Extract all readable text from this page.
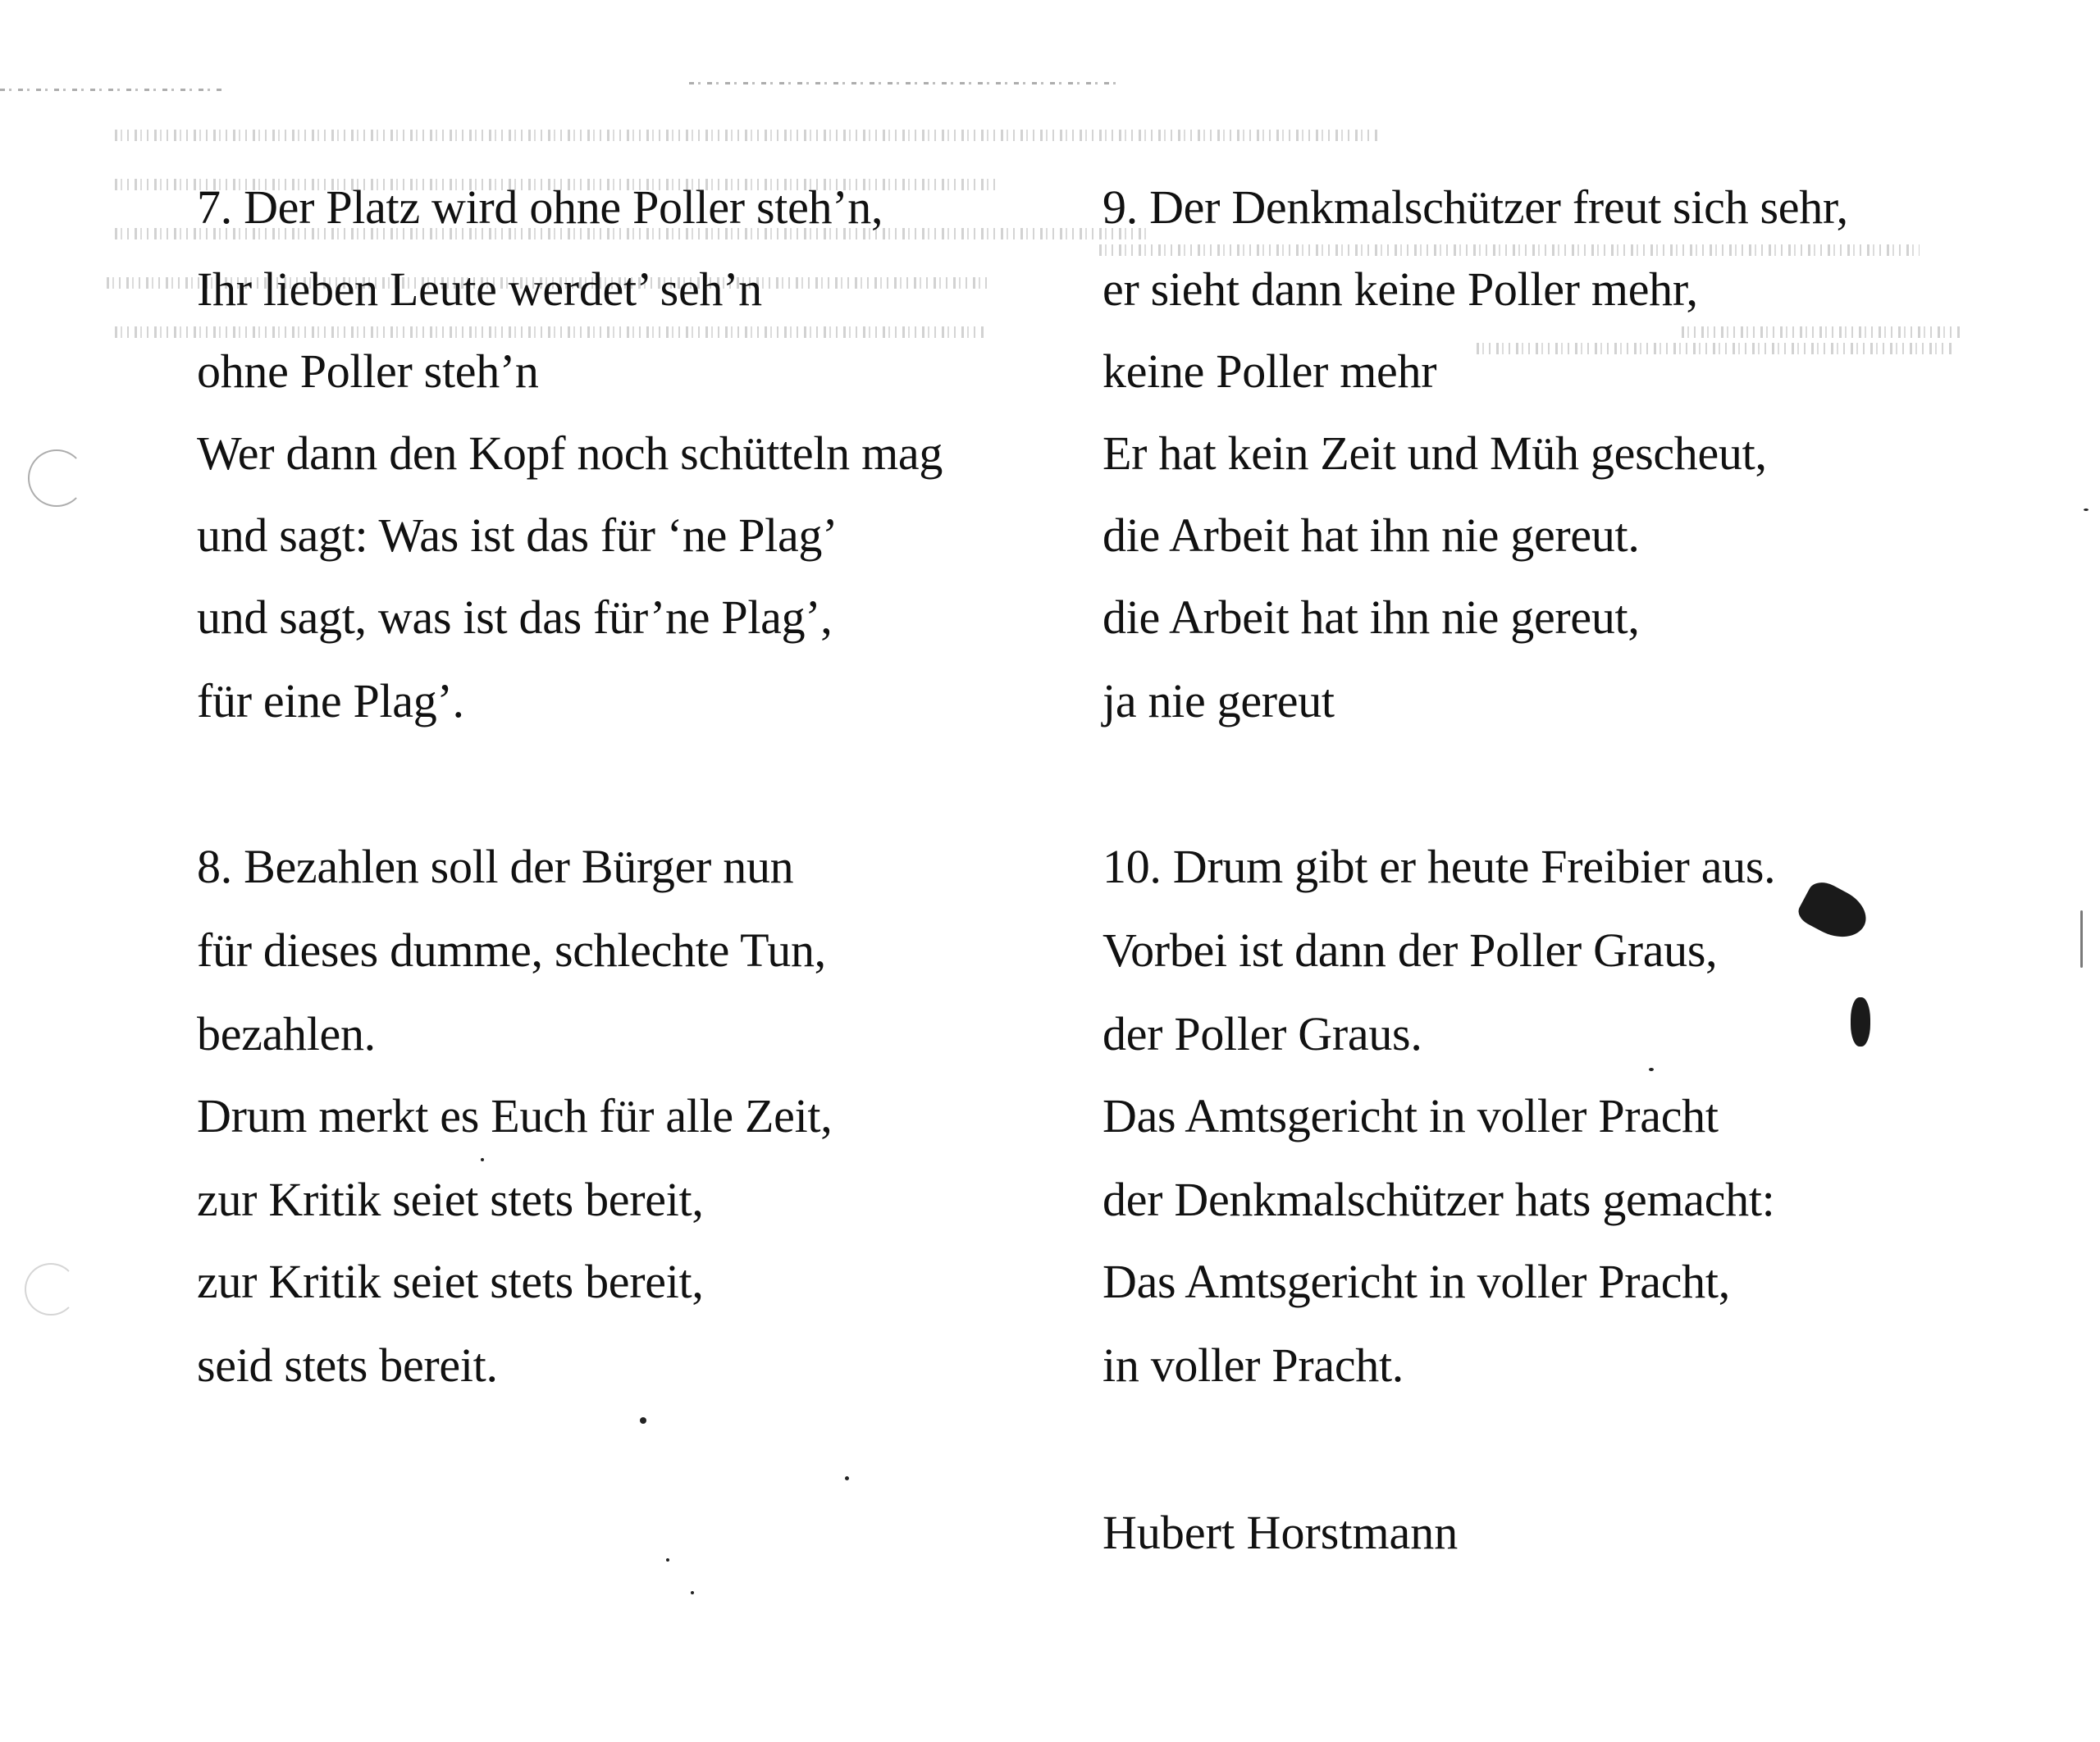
7. Der Platz wird ohne Poller steh’n,
Ihr lieben Leute werdet’ seh’n
ohne Poller steh’n
Wer dann den Kopf noch schütteln mag
und sagt: Was ist das für ‘ne Plag’
und sagt, was ist das für’ne Plag’,
für eine Plag’.
8. Bezahlen soll der Bürger nun
für dieses dumme, schlechte Tun,
bezahlen.
Drum merkt es Euch für alle Zeit,
zur Kritik seiet stets bereit,
zur Kritik seiet stets bereit,
seid stets bereit.
9. Der Denkmalschützer freut sich sehr,
er sieht dann keine Poller mehr,
keine Poller mehr
Er hat kein Zeit und Müh gescheut,
die Arbeit hat ihn nie gereut.
die Arbeit hat ihn nie gereut,
ja nie gereut
10. Drum gibt er heute Freibier aus.
Vorbei ist dann der Poller Graus,
der Poller Graus.
Das Amtsgericht in voller Pracht
der Denkmalschützer hats gemacht:
Das Amtsgericht in voller Pracht,
in voller Pracht.
Hubert Horstmann
